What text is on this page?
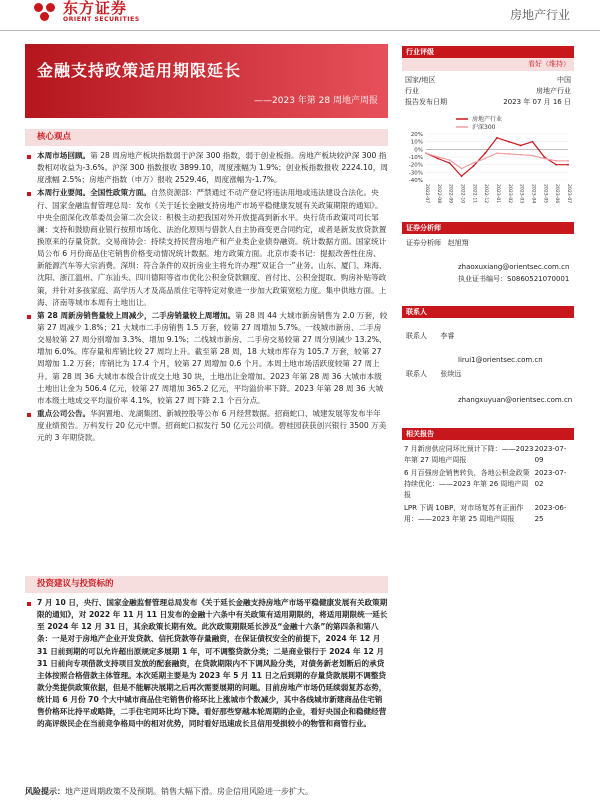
东方证券
ORIENT SECURITIES	房地产行业
金融支持政策适用期限延长
——2023 年第 28 周地产周报
核心观点
本周市场回顾。第 28 周房地产板块指数弱于沪深 300 指数，弱于创业板指。房地产板块较沪深 300 指数相对收益为-3.6%。沪深 300 指数报收 3899.10，周度涨幅为 1.9%；创业板指数报收 2224.10，周度涨幅 2.5%；房地产指数（申万）报收 2529.46，周度涨幅为-1.7%。
本周行业要闻。全国性政策方面。自然资源部：严禁通过不动产登记将违法用地或违法建设合法化。央行、国家金融监督管理总局：发布《关于延长金融支持房地产市场平稳健康发展有关政策期限的通知》。中央全面深化改革委员会第二次会议：积极主动把我国对外开放提高到新水平。央行货币政策司司长邹澜：支持和鼓励商业银行按照市场化、法治化原则与借款人自主协商变更合同约定，或者是新发放贷款置换原来的存量贷款。交易商协会：持续支持民营房地产和产业类企业债券融资。统计数据方面。国家统计局公布 6 月份商品住宅销售价格变动情况统计数据。地方政策方面。北京市委书记：提振改善性住房、新能源汽车等大宗消费。深圳：符合条件的双折房业主将允许办理“双证合一”业务。山东、厦门、珠海、沈阳、浙江温州、广东汕头、四川德阳等省市优化公积金贷款额度、首付比、公积金提取、购房补贴等政策，并针对多孩家庭、高学历人才及高品质住宅等特定对象进一步加大政策宽松力度。集中供地方面。上海、济南等城市本周有土地出让。
第 28 周新房销售量较上周减少，二手房销量较上周增加。第 28 周 44 大城市新房销售为 2.0 万套，较第 27 周减少 1.8%；21 大城市二手房销售 1.5 万套，较第 27 周增加 5.7%。一线城市新房、二手房交易较第 27 周分别增加 3.3%、增加 9.1%；二线城市新房、二手房交易较第 27 周分别减少 13.2%、增加 6.0%。库存量和库销比较 27 周均上升。截至第 28 周，18 大城市库存为 105.7 万套，较第 27 周增加 1.2 万套；库销比为 17.4 个月，较第 27 周增加 0.6 个月。本周土地市场活跃度较第 27 周上升。第 28 周 36 大城市本级合计成交土地 30 块，土地出让金增加。2023 年第 28 周 36 大城市本级土地出让金为 506.4 亿元，较第 27 周增加 365.2 亿元，平均溢价率下降。2023 年第 28 周 36 大城市本级土地成交平均溢价率 4.1%，较第 27 周下降 2.1 个百分点。
重点公司公告。华润置地、龙湖集团、新城控股等公布 6 月经营数据。招商蛇口、城建发展等发布半年度业绩预告。万科发行 20 亿元中票。招商蛇口拟发行 50 亿元公司债。碧桂园获获创兴银行 3500 万美元的 3 年期贷款。
投资建议与投资标的
7 月 10 日，央行、国家金融监督管理总局发布《关于延长金融支持房地产市场平稳健康发展有关政策期限的通知》，对 2022 年 11 月 11 日发布的金融十六条中有关政策有适用期限的，将适用期限统一延长至 2024 年 12 月 31 日，其余政策长期有效。此次政策期限延长涉及“金融十六条”的第四条和第八条：一是对于房地产企业开发贷款、信托贷款等存量融资，在保证债权安全的前提下，2024 年 12 月 31 日前到期的可以允许超出原规定多展期 1 年，可不调整贷款分类；二是商业银行于 2024 年 12 月 31 日前向专项借款支持项目发放的配套融资，在贷款期限内不下调风险分类，对债务新老划断后的承贷主体按照合格借款主体管理。本次延期主要是为 2023 年 5 月 11 日之后到期的存量贷款展期不调整贷款分类提供政策依据，但是不能解决展期之后再次需要展期的问题。目前房地产市场仍延续弱复苏态势，统计局 6 月份 70 个大中城市商品住宅销售价格环比上涨城市个数减少，其中各线城市新建商品住宅销售价格环比持平或略降，二手住宅同环比均下降。看好那些穿越本轮周期的企业，看好央国企和稳健经营的高评级民企在当前竞争格局中的相对优势，同时看好迅速成长且信用受损较小的物管和商管行业。
风险提示：地产逆周期政策不及预期。销售大幅下滑。房企信用风险进一步扩大。
行业评级
看好（维持）
国家/地区	中国
行业	房地产行业
报告发布日期	2023 年 07 月 16 日
20%
10%
0%
-10%
-20%
-30%
-40%
2022-07 2022-08 2022-09 2022-10 2022-11 2022-12 2023-01 2023-02 2023-03 2023-04 2023-05 2023-06 2023-07
房地产行业
沪深300
证券分析师
证券分析师 赵旭翔
zhaoxuxiang@orientsec.com.cn
执业证书编号：S0860521070001
联系人
联系人 李睿
lirui1@orientsec.com.cn
联系人 张续远
zhangxuyuan@orientsec.com.cn
相关报告
7 月新房供应同环比预计下降：——2023 年第 27 周地产周报
2023-07-09
6 月百强房企销售转负，各地公积金政策持续优化：——2023 年第 26 周地产周报
2023-07-02
LPR 下调 10BP，对市场复苏有正面作用：——2023 年第 25 周地产周报
2023-06-25
